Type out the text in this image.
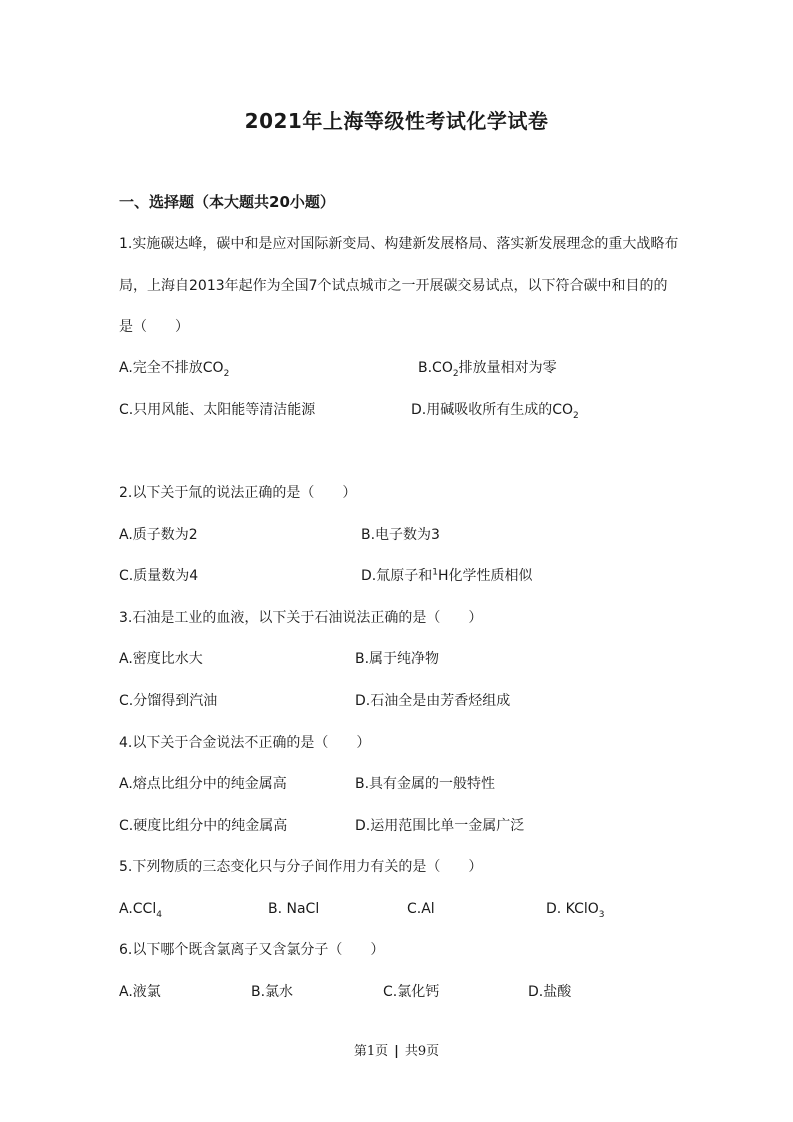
2021年上海等级性考试化学试卷
一、选择题（本大题共20小题）
1.实施碳达峰，碳中和是应对国际新变局、构建新发展格局、落实新发展理念的重大战略布
局，上海自2013年起作为全国7个试点城市之一开展碳交易试点，以下符合碳中和目的的
是（　　）
A.完全不排放$CO_2$	$B.CO_2$排放量相对为零
C.只用风能、太阳能等清洁能源	D.用碱吸收所有生成的$CO_2$
2.以下关于氚的说法正确的是（　　）
A.质子数为2	B.电子数为3
C.质量数为4	D.氚原子和$^1$H化学性质相似
3.石油是工业的血液，以下关于石油说法正确的是（　　）
A.密度比水大	B.属于纯净物
C.分馏得到汽油	D.石油全是由芳香烃组成
4.以下关于合金说法不正确的是（　　）
A.熔点比组分中的纯金属高	B.具有金属的一般特性
C.硬度比组分中的纯金属高	D.运用范围比单一金属广泛
5.下列物质的三态变化只与分子间作用力有关的是（　　）
A.CCl$_4$	B. NaCl	C.Al	D. KClO$_3$
6.以下哪个既含氯离子又含氯分子（　　）
A.液氯	B.氯水	C.氯化钙	D.盐酸
第1页 | 共9页
